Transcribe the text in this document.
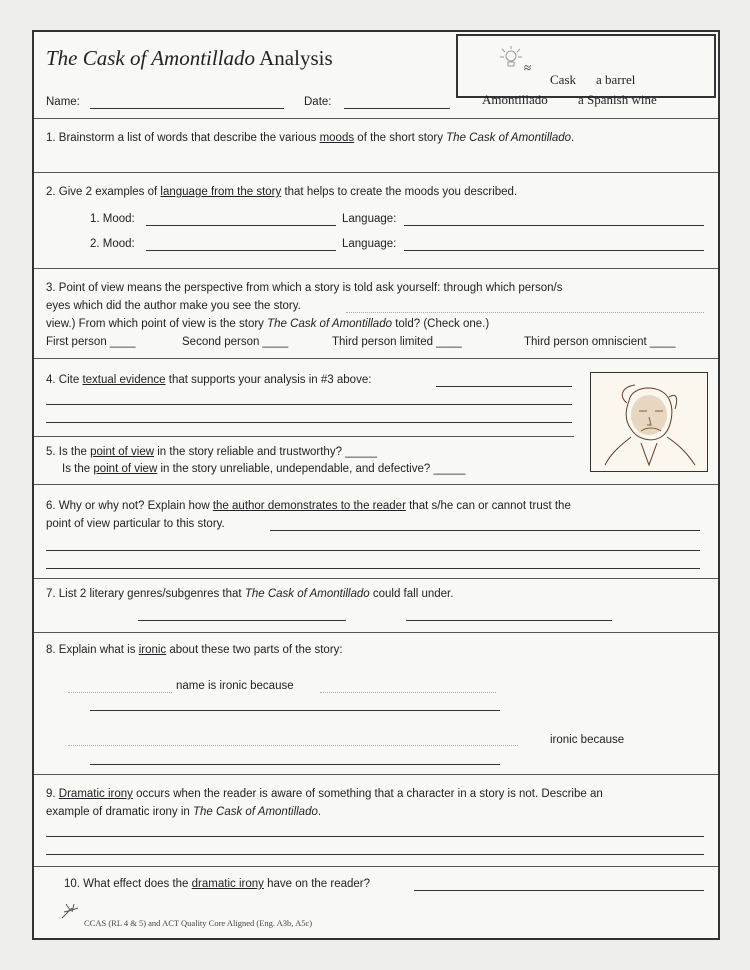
The Cask of Amontillado Analysis
Name:	Date:
≈
Cask a barrel
Amontillado a Spanish wine
1. Brainstorm a list of words that describe the various moods of the short story The Cask of Amontillado.
2. Give 2 examples of language from the story that helps to create the moods you described.
1. Mood:	Language:
2. Mood:	Language:
3. Point of view means the perspective from which a story is told ask yourself: through which person/s
eyes which did the author make you see the story.
view.) From which point of view is the story The Cask of Amontillado told? (Check one.)
First person ____	Second person ____	Third person limited ____	Third person omniscient ____
4. Cite textual evidence that supports your analysis in #3 above:
5. Is the point of view in the story reliable and trustworthy? _____
Is the point of view in the story unreliable, undependable, and defective? _____
6. Why or why not? Explain how the author demonstrates to the reader that s/he can or cannot trust the
point of view particular to this story.
7. List 2 literary genres/subgenres that The Cask of Amontillado could fall under.
8. Explain what is ironic about these two parts of the story:
name is ironic because
ironic because
9. Dramatic irony occurs when the reader is aware of something that a character in a story is not. Describe an
example of dramatic irony in The Cask of Amontillado.
10. What effect does the dramatic irony have on the reader?
CCAS (RL 4 & 5) and ACT Quality Core Aligned (Eng. A3b, A5c)
